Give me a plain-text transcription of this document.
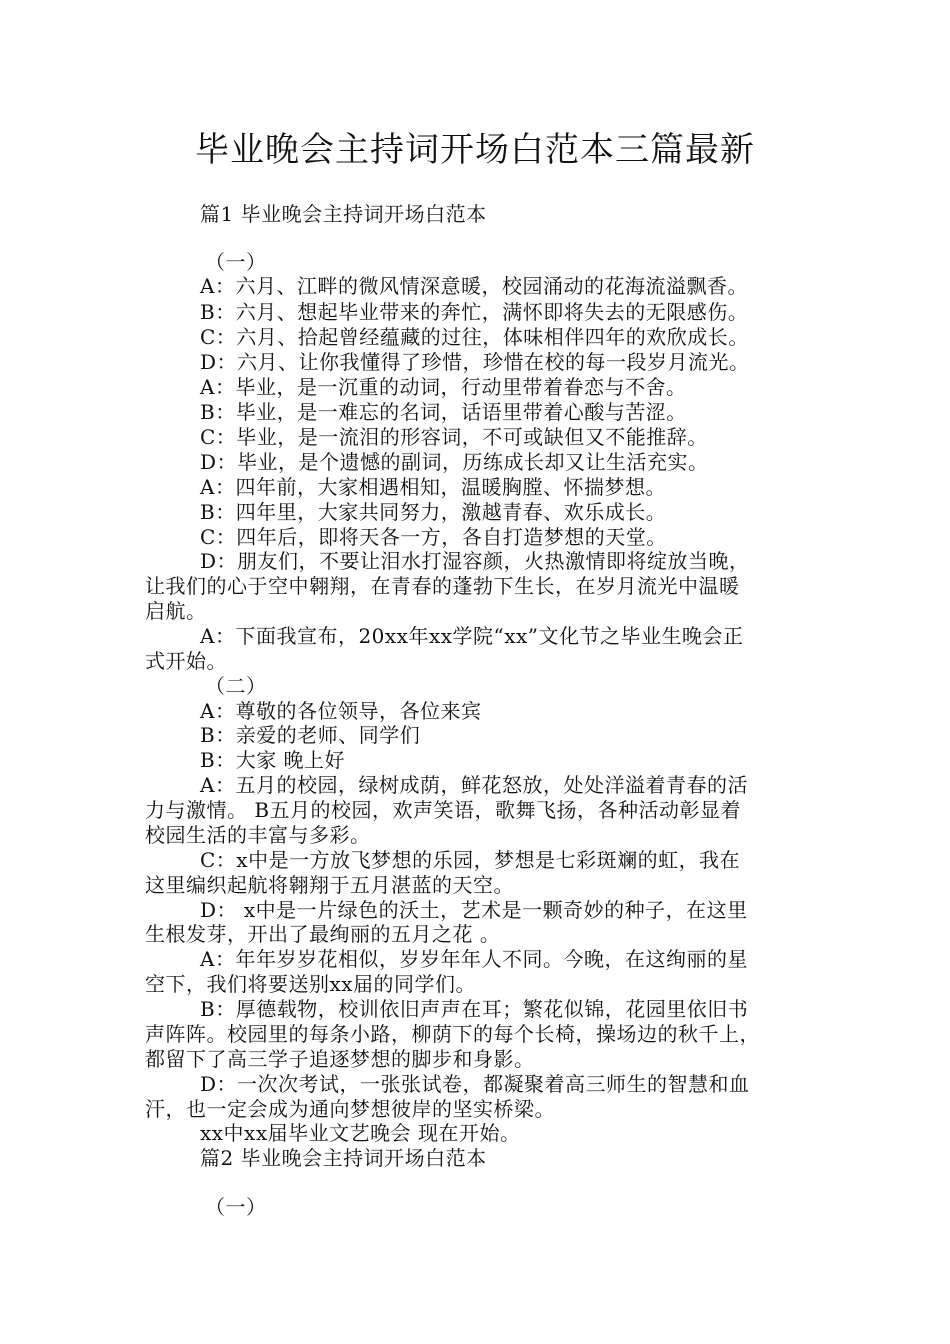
毕业晚会主持词开场白范本三篇最新
篇1 毕业晚会主持词开场白范本
（一）
A：六月、江畔的微风情深意暖，校园涌动的花海流溢飘香。
B：六月、想起毕业带来的奔忙，满怀即将失去的无限感伤。
C：六月、拾起曾经蕴藏的过往，体味相伴四年的欢欣成长。
D：六月、让你我懂得了珍惜，珍惜在校的每一段岁月流光。
A：毕业，是一沉重的动词，行动里带着眷恋与不舍。
B：毕业，是一难忘的名词，话语里带着心酸与苦涩。
C：毕业，是一流泪的形容词，不可或缺但又不能推辞。
D：毕业，是个遗憾的副词，历练成长却又让生活充实。
A：四年前，大家相遇相知，温暖胸膛、怀揣梦想。
B：四年里，大家共同努力，激越青春、欢乐成长。
C：四年后，即将天各一方，各自打造梦想的天堂。
D：朋友们，不要让泪水打湿容颜，火热激情即将绽放当晚，
让我们的心于空中翱翔，在青春的蓬勃下生长，在岁月流光中温暖
启航。
A：下面我宣布，20xx年xx学院“xx”文化节之毕业生晚会正
式开始。
（二）
A：尊敬的各位领导，各位来宾
B：亲爱的老师、同学们
B：大家 晚上好
A：五月的校园，绿树成荫，鲜花怒放，处处洋溢着青春的活
力与激情。 B五月的校园，欢声笑语，歌舞飞扬，各种活动彰显着
校园生活的丰富与多彩。
C：x中是一方放飞梦想的乐园，梦想是七彩斑斓的虹，我在
这里编织起航将翱翔于五月湛蓝的天空。
D： x中是一片绿色的沃土，艺术是一颗奇妙的种子，在这里
生根发芽，开出了最绚丽的五月之花 。
A：年年岁岁花相似，岁岁年年人不同。今晚，在这绚丽的星
空下，我们将要送别xx届的同学们。
B：厚德载物，校训依旧声声在耳；繁花似锦，花园里依旧书
声阵阵。校园里的每条小路，柳荫下的每个长椅，操场边的秋千上，
都留下了高三学子追逐梦想的脚步和身影。
D：一次次考试，一张张试卷，都凝聚着高三师生的智慧和血
汗，也一定会成为通向梦想彼岸的坚实桥梁。
xx中xx届毕业文艺晚会 现在开始。
篇2 毕业晚会主持词开场白范本
（一）
